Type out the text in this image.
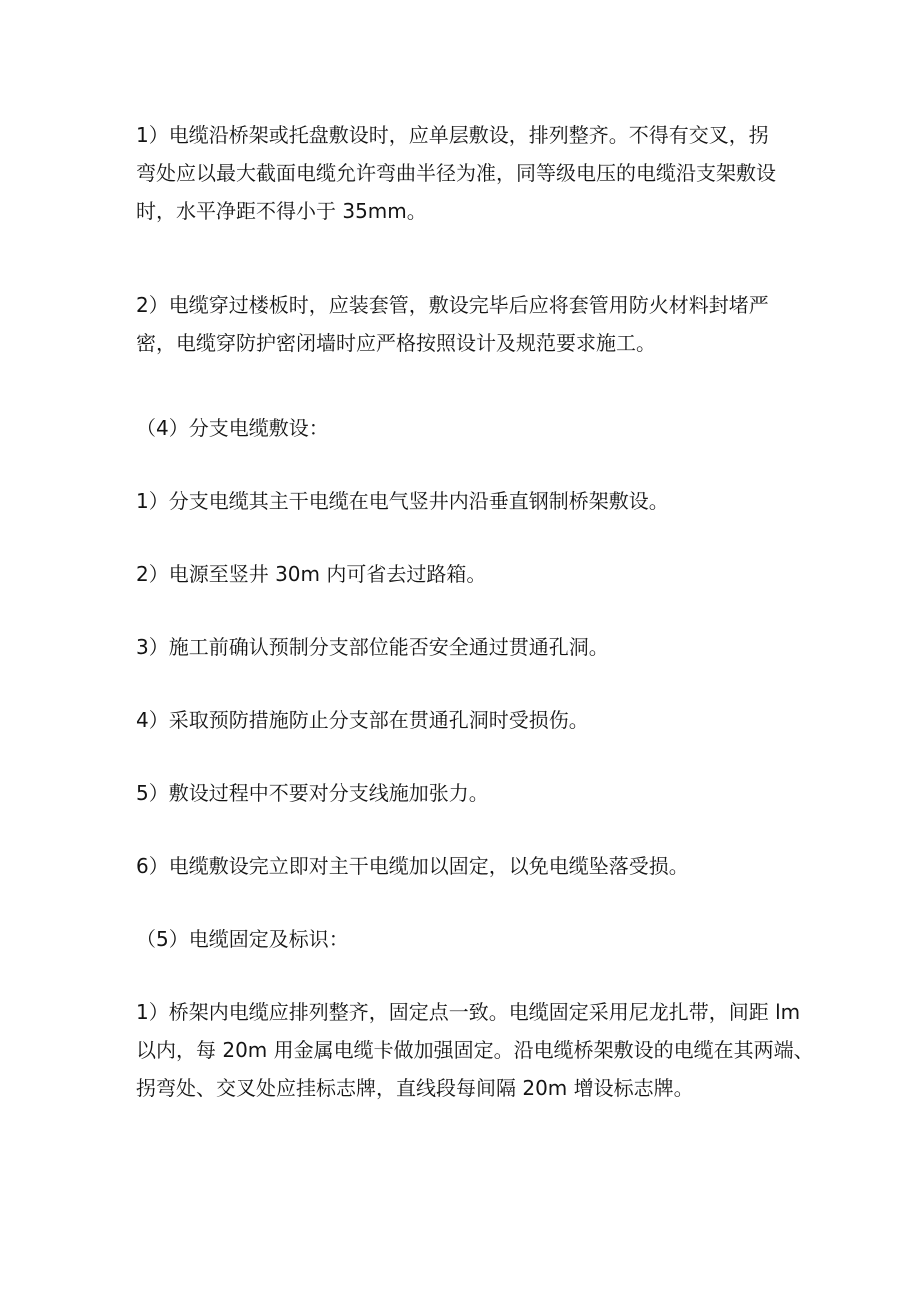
1）电缆沿桥架或托盘敷设时，应单层敷设，排列整齐。不得有交叉，拐
弯处应以最大截面电缆允许弯曲半径为准，同等级电压的电缆沿支架敷设
时，水平净距不得小于 35mm。
2）电缆穿过楼板时，应装套管，敷设完毕后应将套管用防火材料封堵严
密，电缆穿防护密闭墙时应严格按照设计及规范要求施工。
（4）分支电缆敷设：
1）分支电缆其主干电缆在电气竖井内沿垂直钢制桥架敷设。
2）电源至竖井 30m 内可省去过路箱。
3）施工前确认预制分支部位能否安全通过贯通孔洞。
4）采取预防措施防止分支部在贯通孔洞时受损伤。
5）敷设过程中不要对分支线施加张力。
6）电缆敷设完立即对主干电缆加以固定，以免电缆坠落受损。
（5）电缆固定及标识：
1）桥架内电缆应排列整齐，固定点一致。电缆固定采用尼龙扎带，间距 lm
以内，每 20m 用金属电缆卡做加强固定。沿电缆桥架敷设的电缆在其两端、
拐弯处、交叉处应挂标志牌，直线段每间隔 20m 增设标志牌。
